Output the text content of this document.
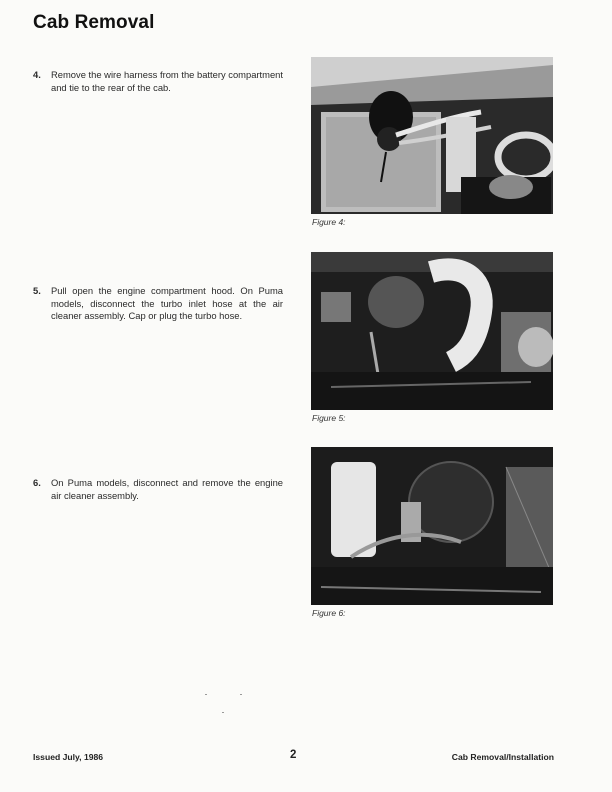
Cab Removal
4. Remove the wire harness from the battery compartment and tie to the rear of the cab.
Figure 4:
5. Pull open the engine compartment hood. On Puma models, disconnect the turbo inlet hose at the air cleaner assembly. Cap or plug the turbo hose.
Figure 5:
6. On Puma models, disconnect and remove the engine air cleaner assembly.
Figure 6:
Issued July, 1986	2	Cab Removal/Installation
